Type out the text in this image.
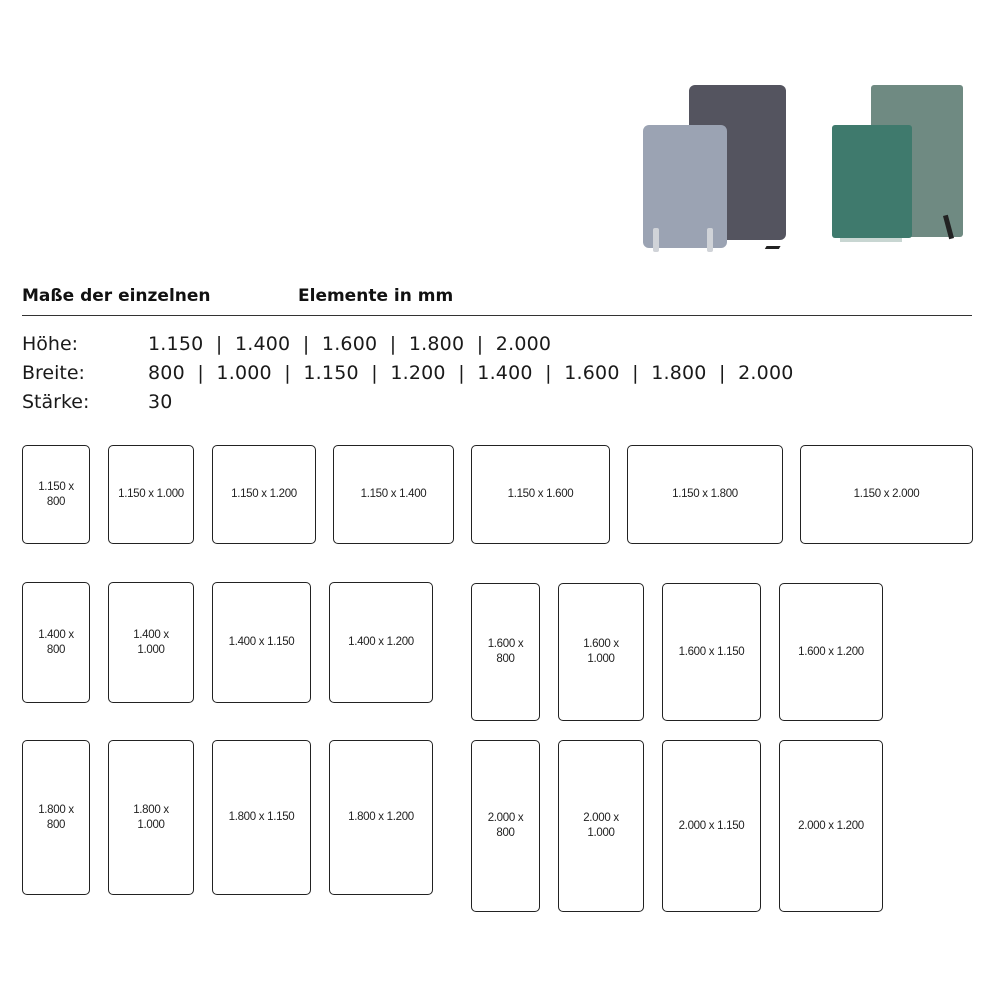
Maße der einzelnen	Elemente in mm
Höhe:	1.150  |  1.400  |  1.600  |  1.800  |  2.000
Breite:	800  |  1.000  |  1.150  |  1.200  |  1.400  |  1.600  |  1.800  |  2.000
Stärke:	30
1.150 x
800
1.150 x 1.000	1.150 x 1.200	1.150 x 1.400	1.150 x 1.600	1.150 x 1.800	1.150 x 2.000
1.400 x
800
1.400 x
1.000
1.400 x 1.150	1.400 x 1.200	1.600 x
800
1.600 x
1.000
1.600 x 1.150	1.600 x 1.200
1.800 x
800
1.800 x
1.000
1.800 x 1.150	1.800 x 1.200	2.000 x
800
2.000 x
1.000
2.000 x 1.150	2.000 x 1.200
